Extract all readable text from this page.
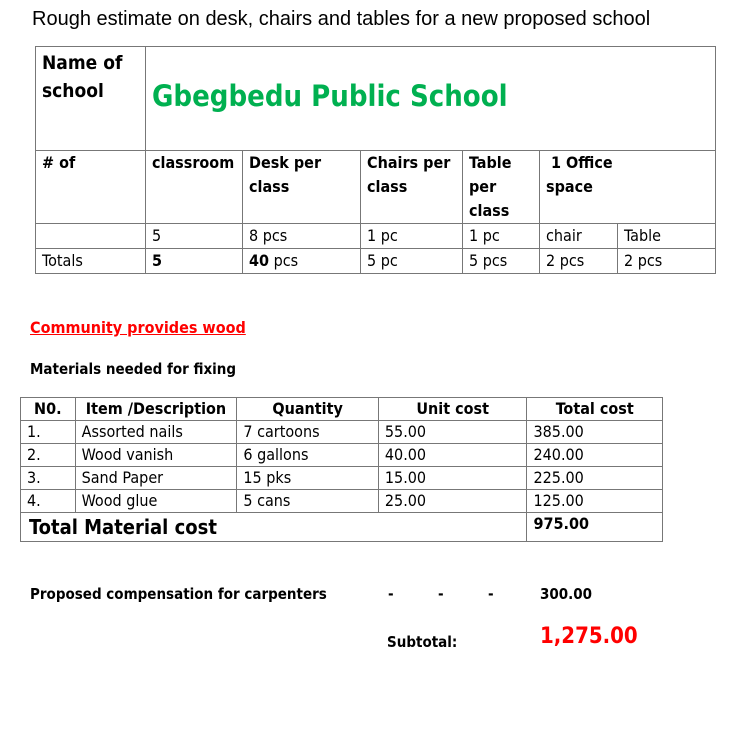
Rough estimate on desk, chairs and tables for a new proposed school
Name of school	Gbegbedu Public School					
# of	classroom	Desk per class	Chairs per class	Table per class	1 Office space	
	5	8 pcs	1 pc	1 pc	chair	Table
Totals	5	40 pcs	5 pc	5 pcs	2 pcs	2 pcs
Community provides wood
Materials needed for fixing
N0.	Item /Description	Quantity	Unit cost	Total cost
1.	Assorted nails	7 cartoons	55.00	385.00
2.	Wood vanish	6 gallons	40.00	240.00
3.	Sand Paper	15 pks	15.00	225.00
4.	Wood glue	5 cans	25.00	125.00
Total Material cost				975.00
Proposed compensation for carpenters	-	-	-	300.00
Subtotal:	1,275.00
